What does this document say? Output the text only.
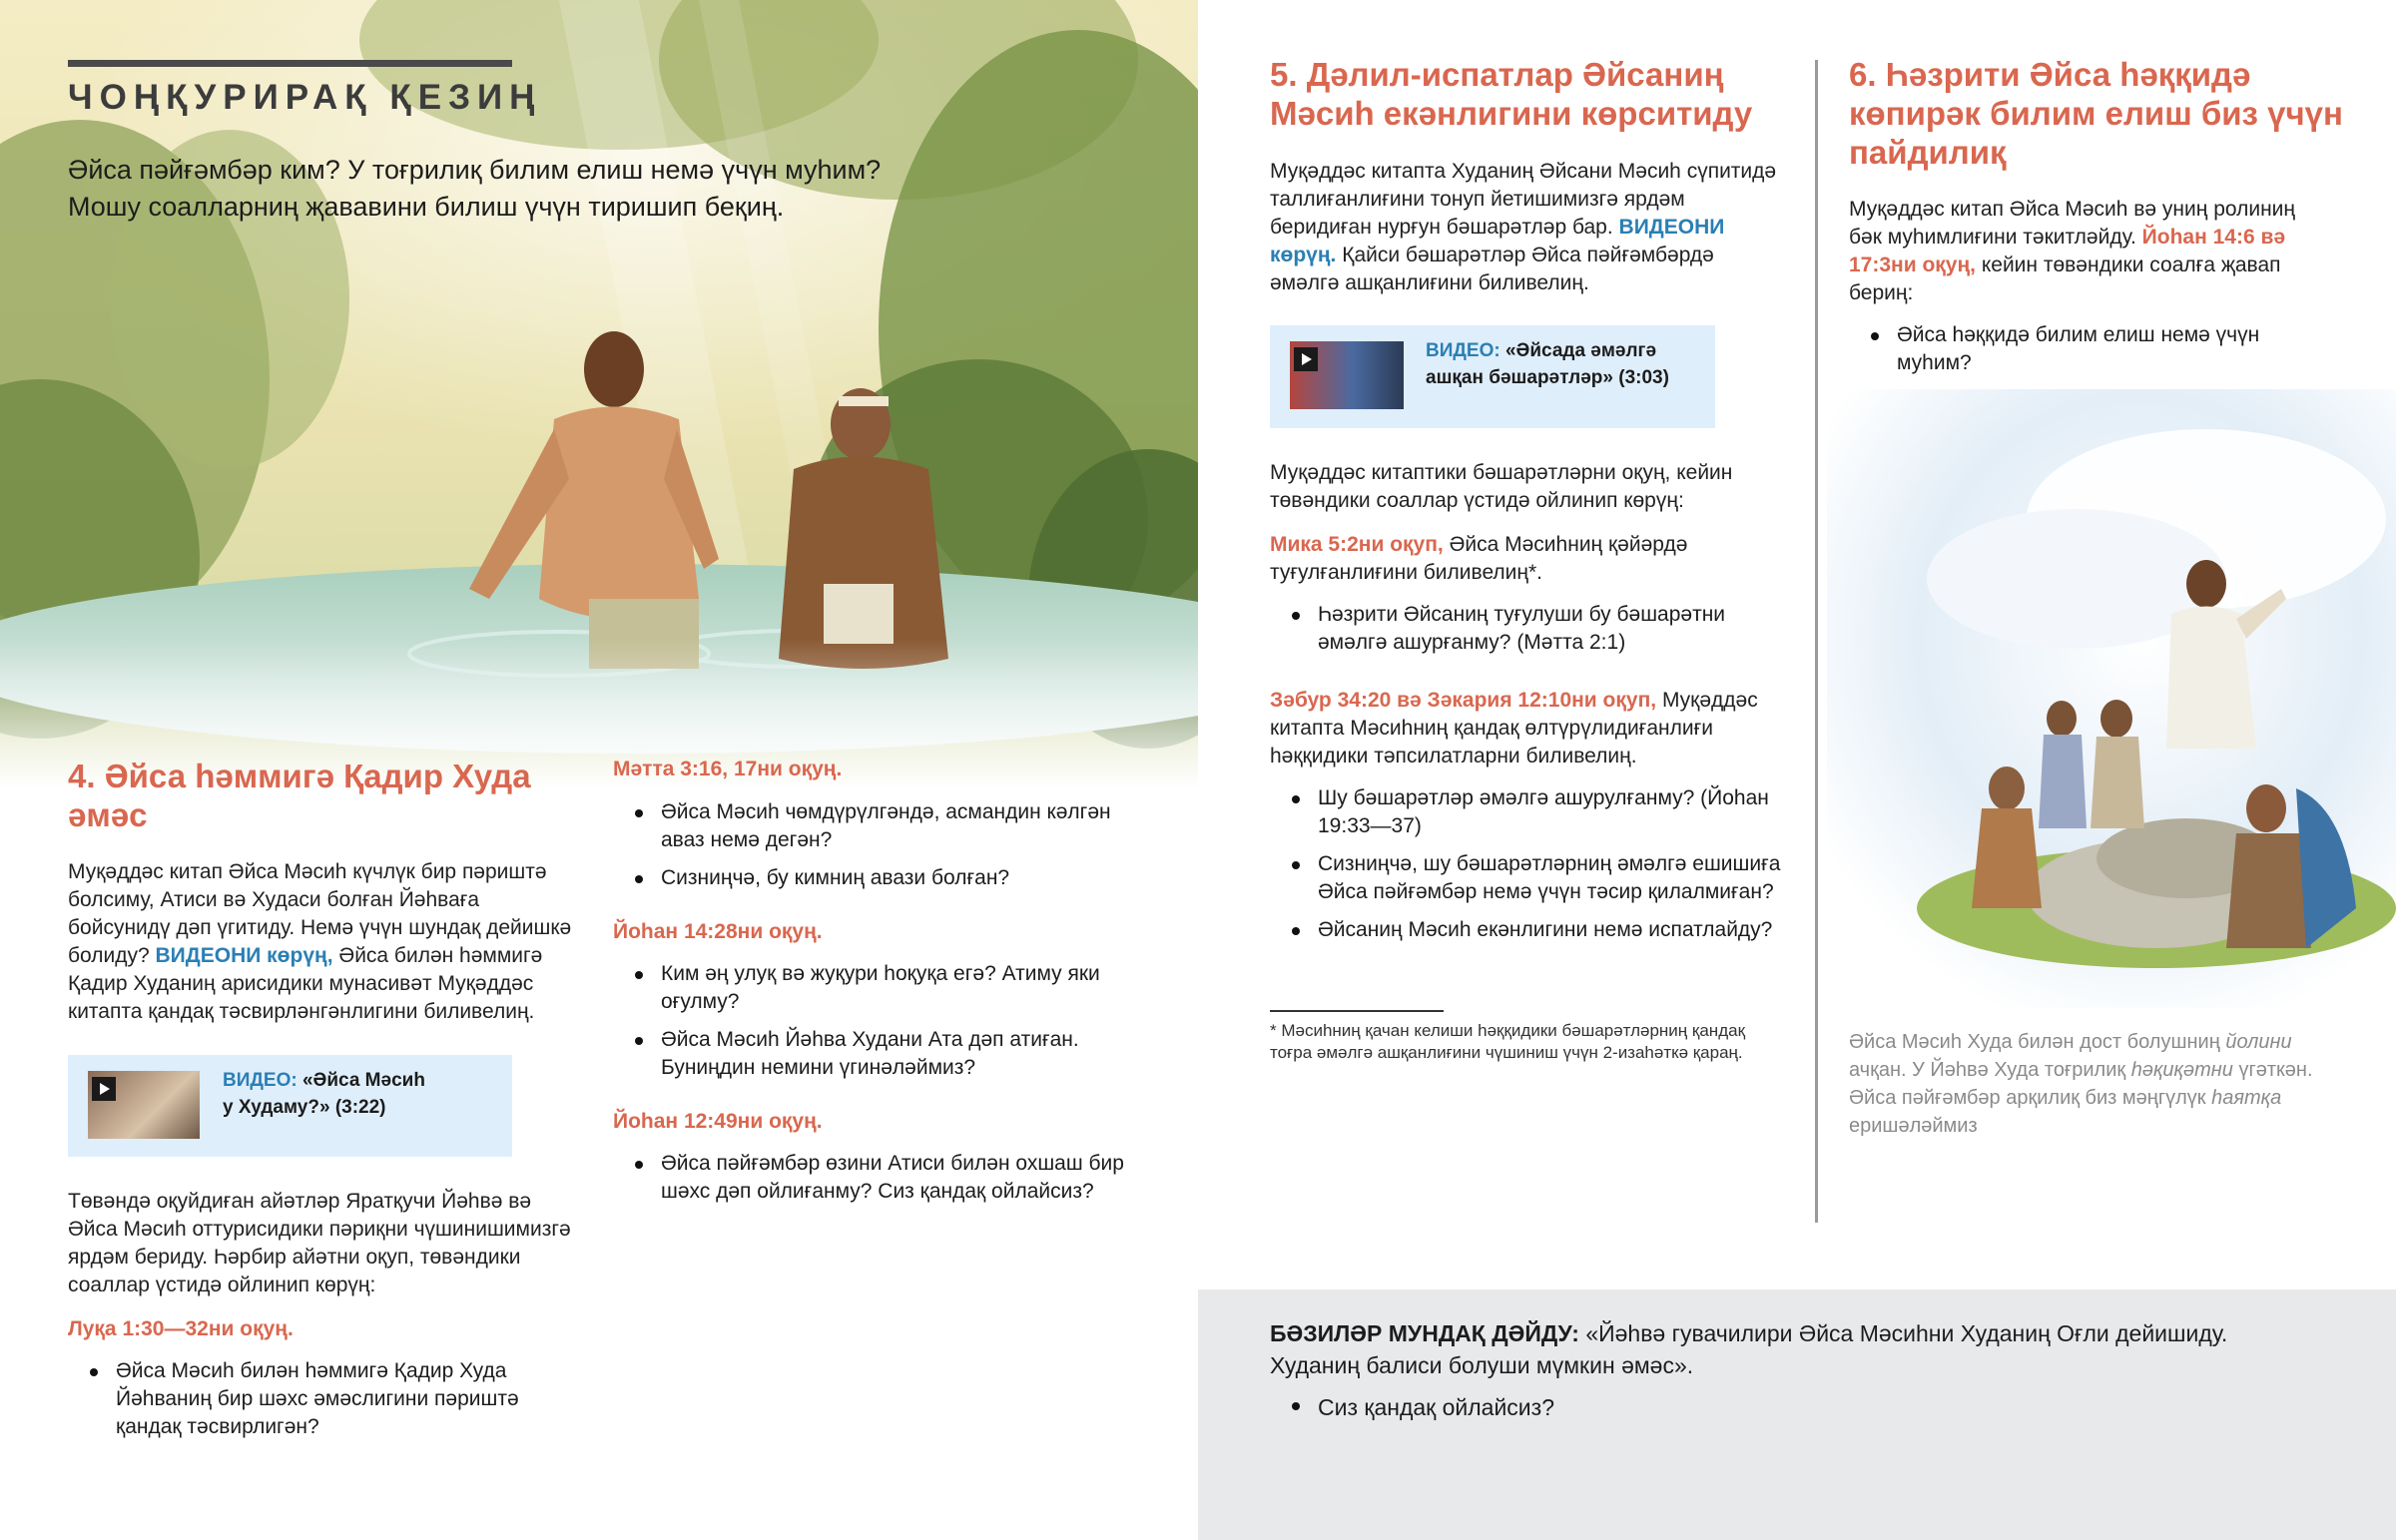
ЧОҢҚУРИРАҚ ҚЕЗИҢ
Әйса пәйғәмбәр ким? У тоғрилиқ билим елиш немә үчүн муһим?
Мошу соалларниң җававини билиш үчүн тиришип беқиң.
4. Әйса һәммигә Қадир Худа әмәс
Муқәддәс китап Әйса Мәсиһ күчлүк бир пәриштә болсиму, Атиси вә Худаси болған Йәһваға бойсунидү дәп үгитиду. Немә үчүн шундақ дейишкә болиду? ВИДЕОНИ көрүң, Әйса билән һәммигә Қадир Худаниң арисидики мунасивәт Муқәддәс китапта қандақ тәсвирләнгәнлигини биливелиң.
ВИДЕО: «Әйса Мәсиһ
у Худаму?» (3:22)
Төвәндә оқуйдиған айәтләр Яратқучи Йәһвә вә Әйса Мәсиһ оттурисидики пәриқни чүшинишимизгә ярдәм бериду. Һәрбир айәтни оқуп, төвәндики соаллар үстидә ойлинип көрүң:
Луқа 1:30—32ни оқуң.
Әйса Мәсиһ билән һәммигә Қадир Худа Йәһваниң бир шәхс әмәслигини пәриштә қандақ тәсвирлигән?
Мәтта 3:16, 17ни оқуң.
Әйса Мәсиһ чөмдүрүлгәндә, асмандин кәлгән аваз немә дегән?
Сизниңчә, бу кимниң авази болған?
Йоһан 14:28ни оқуң.
Ким әң улуқ вә жуқури һоқуқа егә? Атиму яки оғулму?
Әйса Мәсиһ Йәһва Худани Ата дәп атиған. Буниңдин немини үгинәләймиз?
Йоһан 12:49ни оқуң.
Әйса пәйғәмбәр өзини Атиси билән охшаш бир шәхс дәп ойлиғанму? Сиз қандақ ойлайсиз?
5. Дәлил-испатлар Әйсаниң Мәсиһ екәнлигини көрситиду
Муқәддәс китапта Худаниң Әйсани Мәсиһ сүпитидә таллиғанлиғини тонуп йетишимизгә ярдәм беридиған нурғун бәшарәтләр бар. ВИДЕОНИ көрүң. Қайси бәшарәтләр Әйса пәйғәмбәрдә әмәлгә ашқанлиғини биливелиң.
ВИДЕО: «Әйсада әмәлгә
ашқан бәшарәтләр» (3:03)
Муқәддәс китаптики бәшарәтләрни оқуң, кейин төвәндики соаллар үстидә ойлинип көрүң:
Мика 5:2ни оқуп, Әйса Мәсиһниң қәйәрдә туғулғанлиғини биливелиң*.
Һәзрити Әйсаниң туғулуши бу бәшарәтни әмәлгә ашурғанму? (Мәтта 2:1)
Зәбур 34:20 вә Зәкария 12:10ни оқуп, Муқәддәс китапта Мәсиһниң қандақ өлтүрүлидиғанлиғи һәққидики тәпсилатларни биливелиң.
Шу бәшарәтләр әмәлгә ашурулғанму? (Йоһан 19:33—37)
Сизниңчә, шу бәшарәтләрниң әмәлгә ешишиға Әйса пәйғәмбәр немә үчүн тәсир қилалмиған?
Әйсаниң Мәсиһ екәнлигини немә испатлайду?
* Мәсиһниң қачан келиши һәққидики бәшарәтләрниң қандақ тоғра әмәлгә ашқанлиғини чүшиниш үчүн 2-изаһәткә қараң.
6. Һәзрити Әйса һәққидә көпирәк билим елиш биз үчүн пайдилиқ
Муқәддәс китап Әйса Мәсиһ вә униң ролиниң бәк муһимлиғини тәкитләйду. Йоһан 14:6 вә 17:3ни оқуң, кейин төвәндики соалға җавап бериң:
Әйса һәққидә билим елиш немә үчүн муһим?
Әйса Мәсиһ Худа билән дост болушниң йолини ачқан. У Йәһвә Худа тоғрилиқ һәқиқәтни үгәткән. Әйса пәйғәмбәр арқилиқ биз мәңгүлүк һаятқа еришәләймиз
БӘЗИЛӘР МУНДАҚ ДӘЙДУ: «Йәһвә гувачилири Әйса Мәсиһни Худаниң Оғли дейишиду. Худаниң балиси болуши мүмкин әмәс».
Сиз қандақ ойлайсиз?
